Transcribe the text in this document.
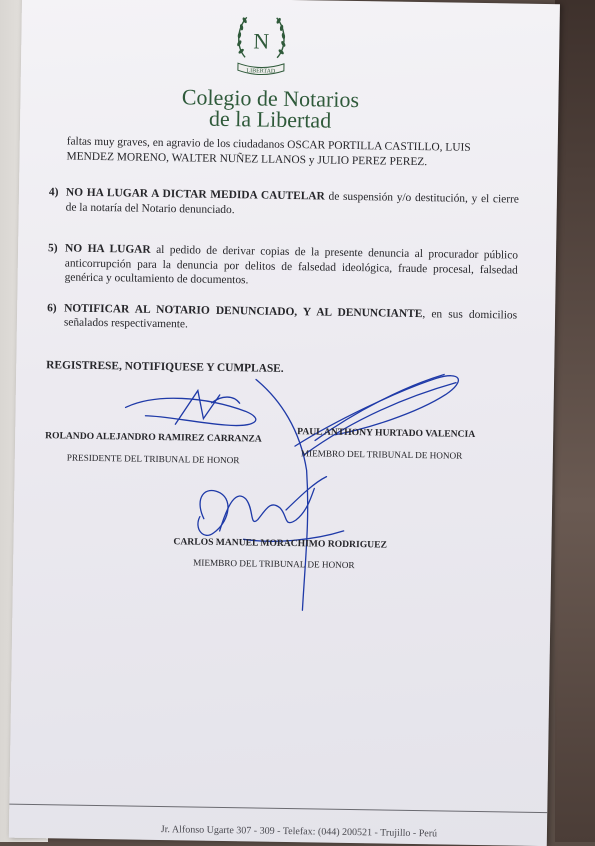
N
LIBERTAD
Colegio de Notarios
de la Libertad

faltas muy graves, en agravio de los ciudadanos OSCAR PORTILLA CASTILLO, LUIS MENDEZ MORENO, WALTER NUÑEZ LLANOS y JULIO PEREZ PEREZ.

4) NO HA LUGAR A DICTAR MEDIDA CAUTELAR de suspensión y/o destitución, y el cierre de la notaría del Notario denunciado.
5) NO HA LUGAR al pedido de derivar copias de la presente denuncia al procurador público anticorrupción para la denuncia por delitos de falsedad ideológica, fraude procesal, falsedad genérica y ocultamiento de documentos.
6) NOTIFICAR AL NOTARIO DENUNCIADO, Y AL DENUNCIANTE, en sus domicilios señalados respectivamente.

REGISTRESE, NOTIFIQUESE Y CUMPLASE.

ROLANDO ALEJANDRO RAMIREZ CARRANZA
PRESIDENTE DEL TRIBUNAL DE HONOR
PAUL ANTHONY HURTADO VALENCIA
MIEMBRO DEL TRIBUNAL DE HONOR
CARLOS MANUEL MORACHIMO RODRIGUEZ
MIEMBRO DEL TRIBUNAL DE HONOR
Jr. Alfonso Ugarte 307 - 309 - Telefax: (044) 200521 - Trujillo - Perú
